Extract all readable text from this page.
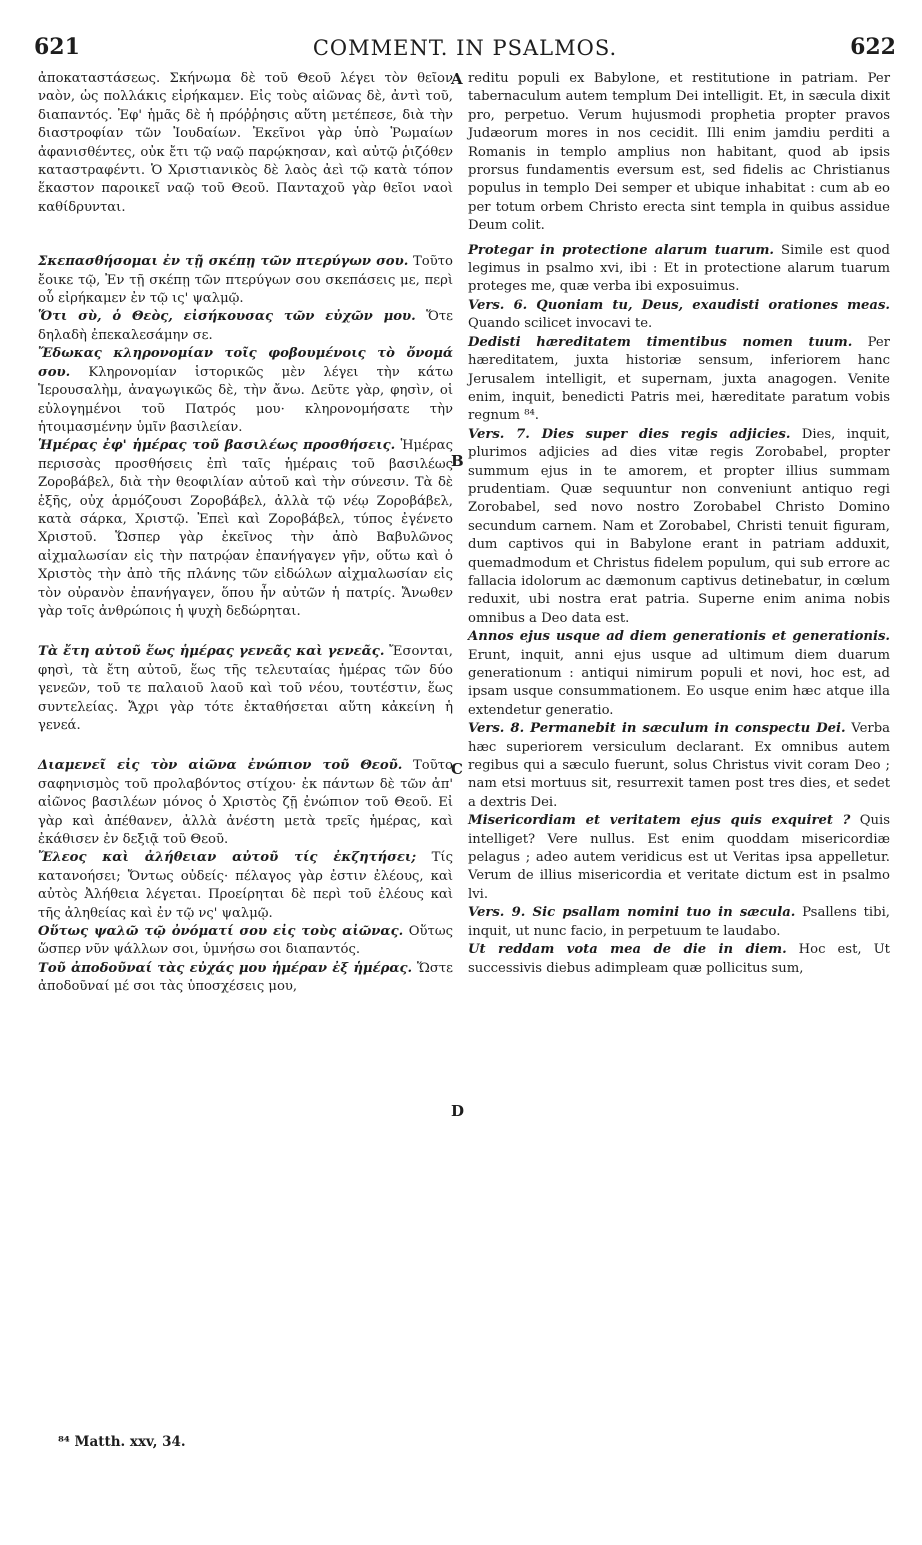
621	COMMENT. IN PSALMOS.	622

ἀποκαταστάσεως. Σκήνωμα δὲ τοῦ Θεοῦ λέγει τὸν θεῖον ναὸν, ὡς πολλάκις εἰρήκαμεν. Εἰς τοὺς αἰῶνας δὲ, ἀντὶ τοῦ, διαπαντός. Ἐφ' ἡμᾶς δὲ ἡ πρόῤῥησις αὕτη μετέπεσε, διὰ τὴν διαστροφίαν τῶν Ἰουδαίων. Ἐκεῖνοι γὰρ ὑπὸ Ῥωμαίων ἀφανισθέντες, οὐκ ἔτι τῷ ναῷ παρῴκησαν, καὶ αὐτῷ ῥιζόθεν καταστραφέντι. Ὁ Χριστιανικὸς δὲ λαὸς ἀεὶ τῷ κατὰ τόπον ἕκαστον παροικεῖ ναῷ τοῦ Θεοῦ. Πανταχοῦ γὰρ θεῖοι ναοὶ καθίδρυνται.

Σκεπασθήσομαι ἐν τῇ σκέπῃ τῶν πτερύγων σου. Τοῦτο ἔοικε τῷ, Ἐν τῇ σκέπῃ τῶν πτερύγων σου σκεπάσεις με, περὶ οὗ εἰρήκαμεν ἐν τῷ ις' ψαλμῷ.

Ὅτι σὺ, ὁ Θεὸς, εἰσήκουσας τῶν εὐχῶν μου. Ὅτε δηλαδὴ ἐπεκαλεσάμην σε.

Ἔδωκας κληρονομίαν τοῖς φοβουμένοις τὸ ὄνομά σου. Κληρονομίαν ἱστορικῶς μὲν λέγει τὴν κάτω Ἱερουσαλὴμ, ἀναγωγικῶς δὲ, τὴν ἄνω. Δεῦτε γὰρ, φησὶν, οἱ εὐλογημένοι τοῦ Πατρός μου· κληρονομήσατε τὴν ἡτοιμασμένην ὑμῖν βασιλείαν.

Ἡμέρας ἐφ' ἡμέρας τοῦ βασιλέως προσθήσεις. Ἡμέρας περισσὰς προσθήσεις ἐπὶ ταῖς ἡμέραις τοῦ βασιλέως Ζοροβάβελ, διὰ τὴν θεοφιλίαν αὐτοῦ καὶ τὴν σύνεσιν. Τὰ δὲ ἑξῆς, οὐχ ἁρμόζουσι Ζοροβάβελ, ἀλλὰ τῷ νέῳ Ζοροβάβελ, κατὰ σάρκα, Χριστῷ. Ἐπεὶ καὶ Ζοροβάβελ, τύπος ἐγένετο Χριστοῦ. Ὥσπερ γὰρ ἐκεῖνος τὴν ἀπὸ Βαβυλῶνος αἰχμαλωσίαν εἰς τὴν πατρῴαν ἐπανήγαγεν γῆν, οὕτω καὶ ὁ Χριστὸς τὴν ἀπὸ τῆς πλάνης τῶν εἰδώλων αἰχμαλωσίαν εἰς τὸν οὐρανὸν ἐπανήγαγεν, ὅπου ἦν αὐτῶν ἡ πατρίς. Ἄνωθεν γὰρ τοῖς ἀνθρώποις ἡ ψυχὴ δεδώρηται.

Τὰ ἔτη αὐτοῦ ἕως ἡμέρας γενεᾶς καὶ γενεᾶς. Ἔσονται, φησὶ, τὰ ἔτη αὐτοῦ, ἕως τῆς τελευταίας ἡμέρας τῶν δύο γενεῶν, τοῦ τε παλαιοῦ λαοῦ καὶ τοῦ νέου, τουτέστιν, ἕως συντελείας. Ἄχρι γὰρ τότε ἐκταθήσεται αὕτη κἀκείνη ἡ γενεά.

Διαμενεῖ εἰς τὸν αἰῶνα ἐνώπιον τοῦ Θεοῦ. Τοῦτο σαφηνισμὸς τοῦ προλαβόντος στίχου· ἐκ πάντων δὲ τῶν ἀπ' αἰῶνος βασιλέων μόνος ὁ Χριστὸς ζῇ ἐνώπιον τοῦ Θεοῦ. Εἰ γὰρ καὶ ἀπέθανεν, ἀλλὰ ἀνέστη μετὰ τρεῖς ἡμέρας, καὶ ἐκάθισεν ἐν δεξιᾷ τοῦ Θεοῦ.

Ἔλεος καὶ ἀλήθειαν αὐτοῦ τίς ἐκζητήσει; Τίς κατανοήσει; Ὄντως οὐδείς· πέλαγος γὰρ ἐστιν ἐλέους, καὶ αὐτὸς Ἀλήθεια λέγεται. Προείρηται δὲ περὶ τοῦ ἐλέους καὶ τῆς ἀληθείας καὶ ἐν τῷ νς' ψαλμῷ.

Οὕτως ψαλῶ τῷ ὀνόματί σου εἰς τοὺς αἰῶνας. Οὕτως ὥσπερ νῦν ψάλλων σοι, ὑμνήσω σοι διαπαντός.

Τοῦ ἀποδοῦναί τὰς εὐχάς μου ἡμέραν ἐξ ἡμέρας. Ὥστε ἀποδοῦναί μέ σοι τὰς ὑποσχέσεις μου,

reditu populi ex Babylone, et restitutione in patriam. Per tabernaculum autem templum Dei intelligit. Et, in sæcula dixit pro, perpetuo. Verum hujusmodi prophetia propter pravos Judæorum mores in nos cecidit. Illi enim jamdiu perditi a Romanis in templo amplius non habitant, quod ab ipsis prorsus fundamentis eversum est, sed fidelis ac Christianus populus in templo Dei semper et ubique inhabitat : cum ab eo per totum orbem Christo erecta sint templa in quibus assidue Deum colit.

Protegar in protectione alarum tuarum. Simile est quod legimus in psalmo xvi, ibi : Et in protectione alarum tuarum proteges me, quæ verba ibi exposuimus.

Vers. 6. Quoniam tu, Deus, exaudisti orationes meas. Quando scilicet invocavi te.

Dedisti hæreditatem timentibus nomen tuum. Per hæreditatem, juxta historiæ sensum, inferiorem hanc Jerusalem intelligit, et supernam, juxta anagogen. Venite enim, inquit, benedicti Patris mei, hæreditate paratum vobis regnum ⁸⁴.

Vers. 7. Dies super dies regis adjicies. Dies, inquit, plurimos adjicies ad dies vitæ regis Zorobabel, propter summum ejus in te amorem, et propter illius summam prudentiam. Quæ sequuntur non conveniunt antiquo regi Zorobabel, sed novo nostro Zorobabel Christo Domino secundum carnem. Nam et Zorobabel, Christi tenuit figuram, dum captivos qui in Babylone erant in patriam adduxit, quemadmodum et Christus fidelem populum, qui sub errore ac fallacia idolorum ac dæmonum captivus detinebatur, in cœlum reduxit, ubi nostra erat patria. Superne enim anima nobis omnibus a Deo data est.

Annos ejus usque ad diem generationis et generationis. Erunt, inquit, anni ejus usque ad ultimum diem duarum generationum : antiqui nimirum populi et novi, hoc est, ad ipsam usque consummationem. Eo usque enim hæc atque illa extendetur generatio.

Vers. 8. Permanebit in sæculum in conspectu Dei. Verba hæc superiorem versiculum declarant. Ex omnibus autem regibus qui a sæculo fuerunt, solus Christus vivit coram Deo ; nam etsi mortuus sit, resurrexit tamen post tres dies, et sedet a dextris Dei.

Misericordiam et veritatem ejus quis exquiret ? Quis intelliget? Vere nullus. Est enim quoddam misericordiæ pelagus ; adeo autem veridicus est ut Veritas ipsa appelletur. Verum de illius misericordia et veritate dictum est in psalmo lvi.

Vers. 9. Sic psallam nomini tuo in sæcula. Psallens tibi, inquit, ut nunc facio, in perpetuum te laudabo.

Ut reddam vota mea de die in diem. Hoc est, Ut successivis diebus adimpleam quæ pollicitus sum,

A
B
C
D
⁸⁴ Matth. xxv, 34.
